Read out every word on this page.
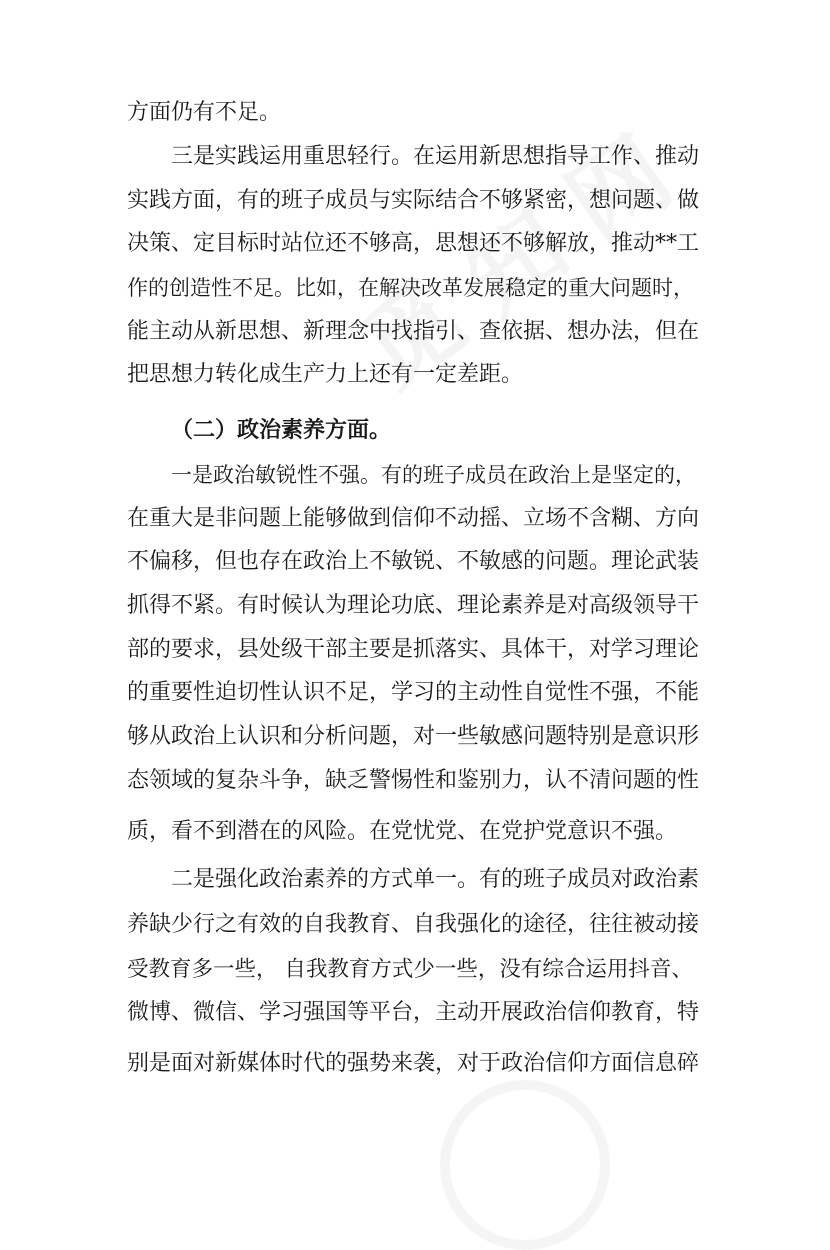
方面仍有不足。
三是实践运用重思轻行。在运用新思想指导工作、推动
实践方面，有的班子成员与实际结合不够紧密，想问题、做
决策、定目标时站位还不够高，思想还不够解放，推动**工
作的创造性不足。比如，在解决改革发展稳定的重大问题时，
能主动从新思想、新理念中找指引、查依据、想办法，但在
把思想力转化成生产力上还有一定差距。
（二）政治素养方面。
一是政治敏锐性不强。有的班子成员在政治上是坚定的，
在重大是非问题上能够做到信仰不动摇、立场不含糊、方向
不偏移，但也存在政治上不敏锐、不敏感的问题。理论武装
抓得不紧。有时候认为理论功底、理论素养是对高级领导干
部的要求，县处级干部主要是抓落实、具体干，对学习理论
的重要性迫切性认识不足，学习的主动性自觉性不强，不能
够从政治上认识和分析问题，对一些敏感问题特别是意识形
态领域的复杂斗争，缺乏警惕性和鉴别力，认不清问题的性
质，看不到潜在的风险。在党忧党、在党护党意识不强。
二是强化政治素养的方式单一。有的班子成员对政治素
养缺少行之有效的自我教育、自我强化的途径，往往被动接
受教育多一些， 自我教育方式少一些，没有综合运用抖音、
微博、微信、学习强国等平台，主动开展政治信仰教育，特
别是面对新媒体时代的强势来袭，对于政治信仰方面信息碎
